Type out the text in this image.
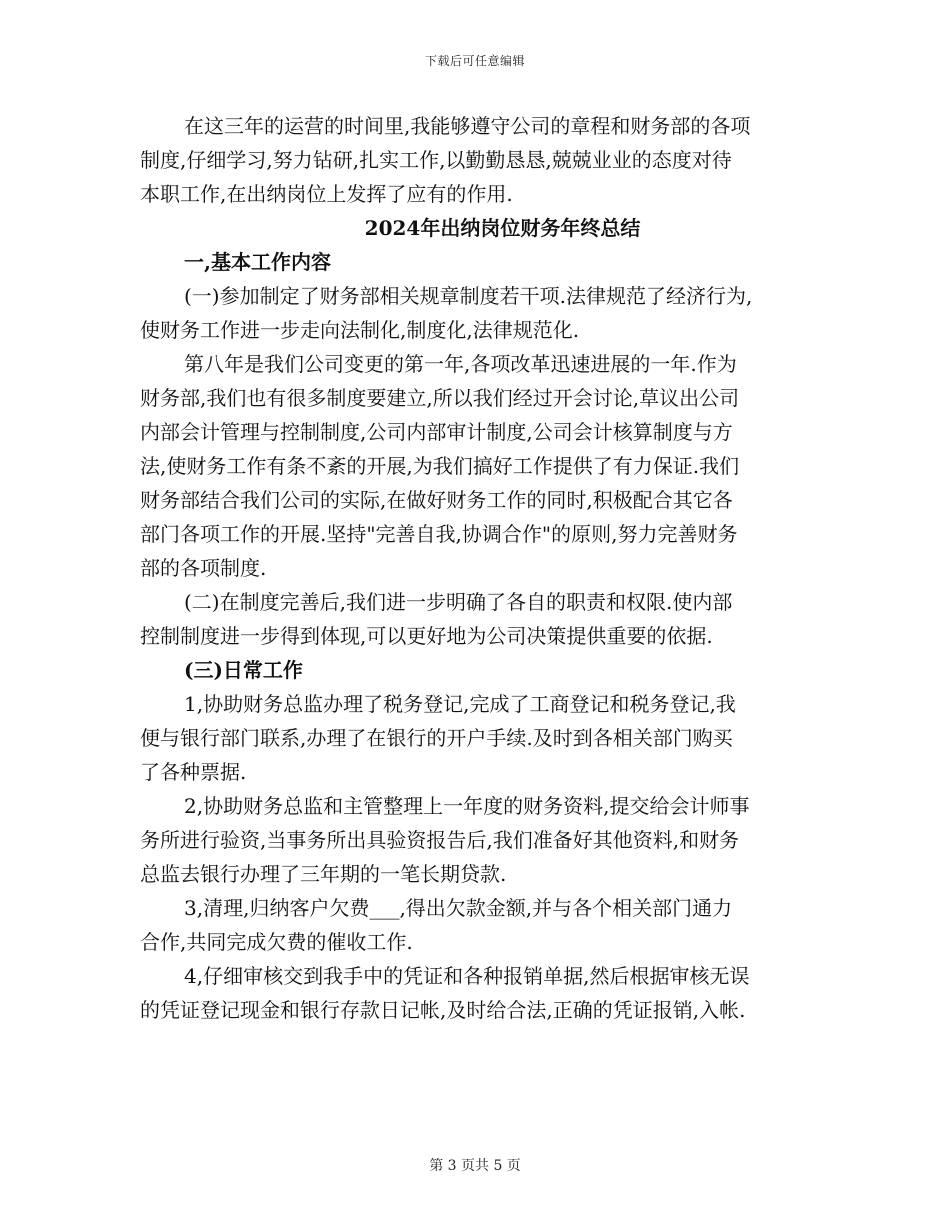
下载后可任意编辑
在这三年的运营的时间里,我能够遵守公司的章程和财务部的各项
制度,仔细学习,努力钻研,扎实工作,以勤勤恳恳,兢兢业业的态度对待
本职工作,在出纳岗位上发挥了应有的作用.
2024年出纳岗位财务年终总结
一,基本工作内容
(一)参加制定了财务部相关规章制度若干项.法律规范了经济行为,
使财务工作进一步走向法制化,制度化,法律规范化.
第八年是我们公司变更的第一年,各项改革迅速进展的一年.作为
财务部,我们也有很多制度要建立,所以我们经过开会讨论,草议出公司
内部会计管理与控制制度,公司内部审计制度,公司会计核算制度与方
法,使财务工作有条不紊的开展,为我们搞好工作提供了有力保证.我们
财务部结合我们公司的实际,在做好财务工作的同时,积极配合其它各
部门各项工作的开展.坚持"完善自我,协调合作"的原则,努力完善财务
部的各项制度.
(二)在制度完善后,我们进一步明确了各自的职责和权限.使内部
控制制度进一步得到体现,可以更好地为公司决策提供重要的依据.
(三)日常工作
1,协助财务总监办理了税务登记,完成了工商登记和税务登记,我
便与银行部门联系,办理了在银行的开户手续.及时到各相关部门购买
了各种票据.
2,协助财务总监和主管整理上一年度的财务资料,提交给会计师事
务所进行验资,当事务所出具验资报告后,我们准备好其他资料,和财务
总监去银行办理了三年期的一笔长期贷款.
3,清理,归纳客户欠费___,得出欠款金额,并与各个相关部门通力
合作,共同完成欠费的催收工作.
4,仔细审核交到我手中的凭证和各种报销单据,然后根据审核无误
的凭证登记现金和银行存款日记帐,及时给合法,正确的凭证报销,入帐.
第 3 页共 5 页
